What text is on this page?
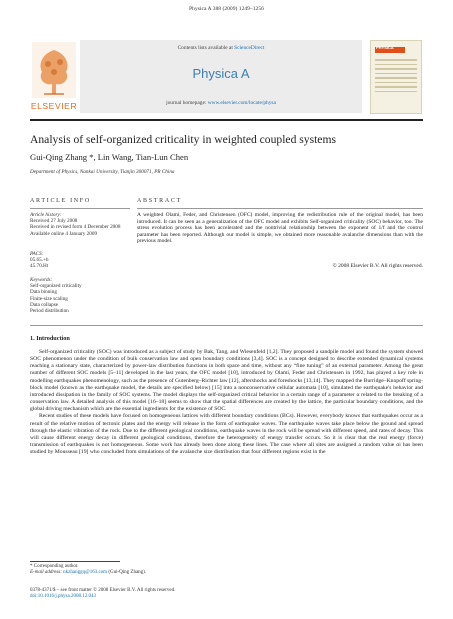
Physica A 388 (2009) 1249–1256
ELSEVIER
Contents lists available at ScienceDirect
Physica A
journal homepage: www.elsevier.com/locate/physa
PHYSICA
Analysis of self-organized criticality in weighted coupled systems
Gui-Qing Zhang *, Lin Wang, Tian-Lun Chen
Department of Physics, Nankai University, Tianjin 300071, PR China
ARTICLE INFO	ABSTRACT
Article history:
Received 27 July 2008
Received in revised form 4 December 2008
Available online 4 January 2009
PACS:
05.65.+b
45.70.Ht
Keywords:
Self-organized criticality
Data binning
Finite-size scaling
Data collapse
Period distribution
A weighted Olami, Feder, and Christensen (OFC) model, improving the redistribution rule of the original model, has been introduced. It can be seen as a generalization of the OFC model and exhibits Self-organized criticality (SOC) behavior, too. The stress evolution process has been accelerated and the nontrivial relationship between the exponent of 1/f and the control parameter has been reported. Although our model is simple, we obtained more reasonable avalanche dimensions than with the previous model.
© 2008 Elsevier B.V. All rights reserved.
1. Introduction

Self-organized criticality (SOC) was introduced as a subject of study by Bak, Tang, and Wiesenfeld [1,2]. They proposed a sandpile model and found the system showed SOC phenomenon under the condition of bulk conservation law and open boundary conditions [3,4]. SOC is a concept designed to describe extended dynamical systems reaching a stationary state, characterized by power-law distribution functions in both space and time, without any “fine tuning” of an external parameter. Among the great number of different SOC models [5–11] developed in the last years, the OFC model [10], introduced by Olami, Feder and Christensen in 1992, has played a key role in modelling earthquakes phenomenology, such as the presence of Gutenberg–Richter law [12], aftershocks and foreshocks [13,14]. They mapped the Burridge–Knopoff spring-block model (known as the earthquake model, the details are specified below) [15] into a nonconservative cellular automata [10], simulated the earthquake's behavior and introduced dissipation in the family of SOC systems. The model displays the self-organized critical behavior in a certain range of a parameter α related to the breaking of a conservation law. A detailed analysis of this model [16–18] seems to show that the spatial differences are created by the lattice, the particular boundary conditions, and the global driving mechanism which are the essential ingredients for the existence of SOC.

Recent studies of these models have focused on homogeneous lattices with different boundary conditions (BCs). However, everybody knows that earthquakes occur as a result of the relative motion of tectonic plates and the energy will release in the form of earthquake waves. The earthquake waves take place below the ground and spread through the elastic vibration of the rock. Due to the different geological conditions, earthquake waves in the rock will be spread with different speed, and rates of decay. This will cause different energy decay in different geological conditions, therefore the heterogeneity of energy transfer occurs. So it is clear that the real energy (force) transmission of earthquakes is not homogeneous. Some work has already been done along these lines. The case where all sites are assigned a random value αi has been studied by Mousseau [19] who concluded from simulations of the avalanche size distribution that four different regions exist in the

* Corresponding author.
E-mail address: nkzhanggq@163.com (Gui-Qing Zhang).
0378-4371/$ – see front matter © 2008 Elsevier B.V. All rights reserved.
doi:10.1016/j.physa.2008.12.043
